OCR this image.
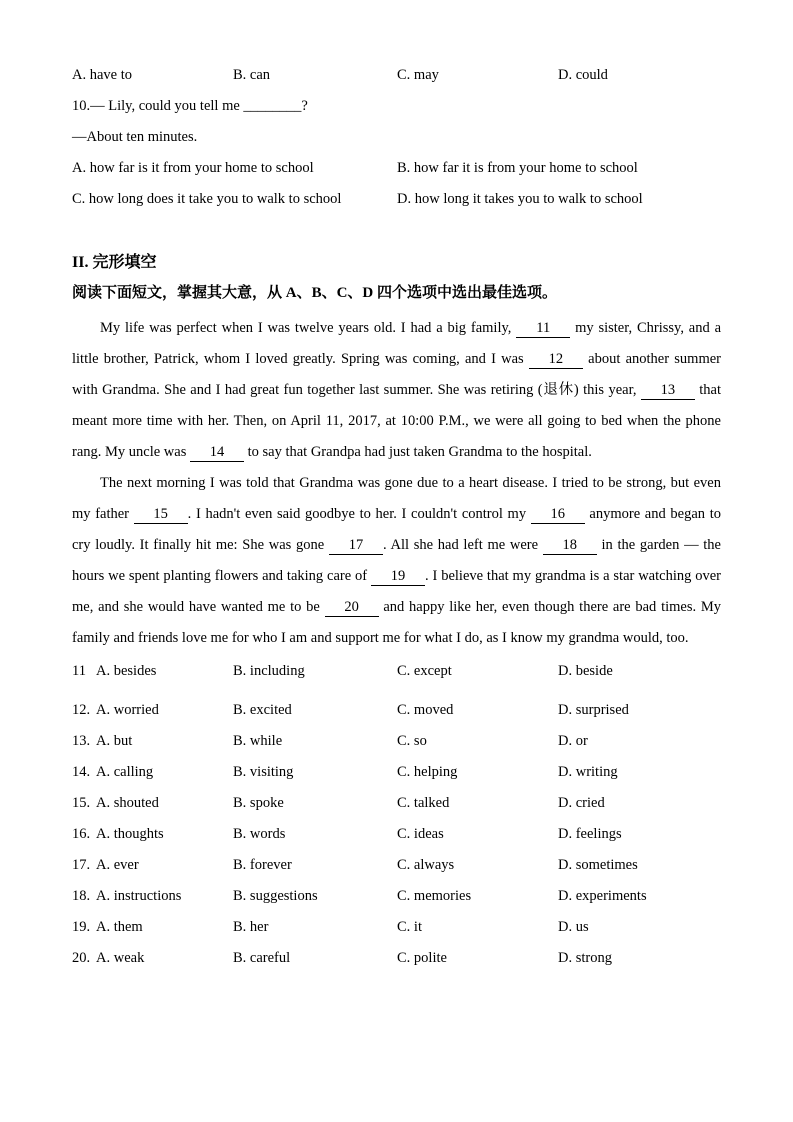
A. have to	B. can	C. may	D. could
10.— Lily, could you tell me ________?
—About ten minutes.
A. how far is it from your home to school	B. how far it is from your home to school
C. how long does it take you to walk to school	D. how long it takes you to walk to school
II. 完形填空
阅读下面短文，掌握其大意，从 A、B、C、D 四个选项中选出最佳选项。

My life was perfect when I was twelve years old. I had a big family, 11 my sister, Chrissy, and a little brother, Patrick, whom I loved greatly. Spring was coming, and I was 12 about another summer with Grandma. She and I had great fun together last summer. She was retiring (退休) this year, 13 that meant more time with her. Then, on April 11, 2017, at 10:00 P.M., we were all going to bed when the phone rang. My uncle was 14 to say that Grandpa had just taken Grandma to the hospital.

The next morning I was told that Grandma was gone due to a heart disease. I tried to be strong, but even my father 15 . I hadn't even said goodbye to her. I couldn't control my 16 anymore and began to cry loudly. It finally hit me: She was gone 17 . All she had left me were 18 in the garden — the hours we spent planting flowers and taking care of 19 . I believe that my grandma is a star watching over me, and she would have wanted me to be 20 and happy like her, even though there are bad times. My family and friends love me for who I am and support me for what I do, as I know my grandma would, too.

11 A. besides	B. including	C. except	D. beside
12. A. worried	B. excited	C. moved	D. surprised
13. A. but	B. while	C. so	D. or
14. A. calling	B. visiting	C. helping	D. writing
15. A. shouted	B. spoke	C. talked	D. cried
16. A. thoughts	B. words	C. ideas	D. feelings
17. A. ever	B. forever	C. always	D. sometimes
18. A. instructions	B. suggestions	C. memories	D. experiments
19. A. them	B. her	C. it	D. us
20. A. weak	B. careful	C. polite	D. strong
